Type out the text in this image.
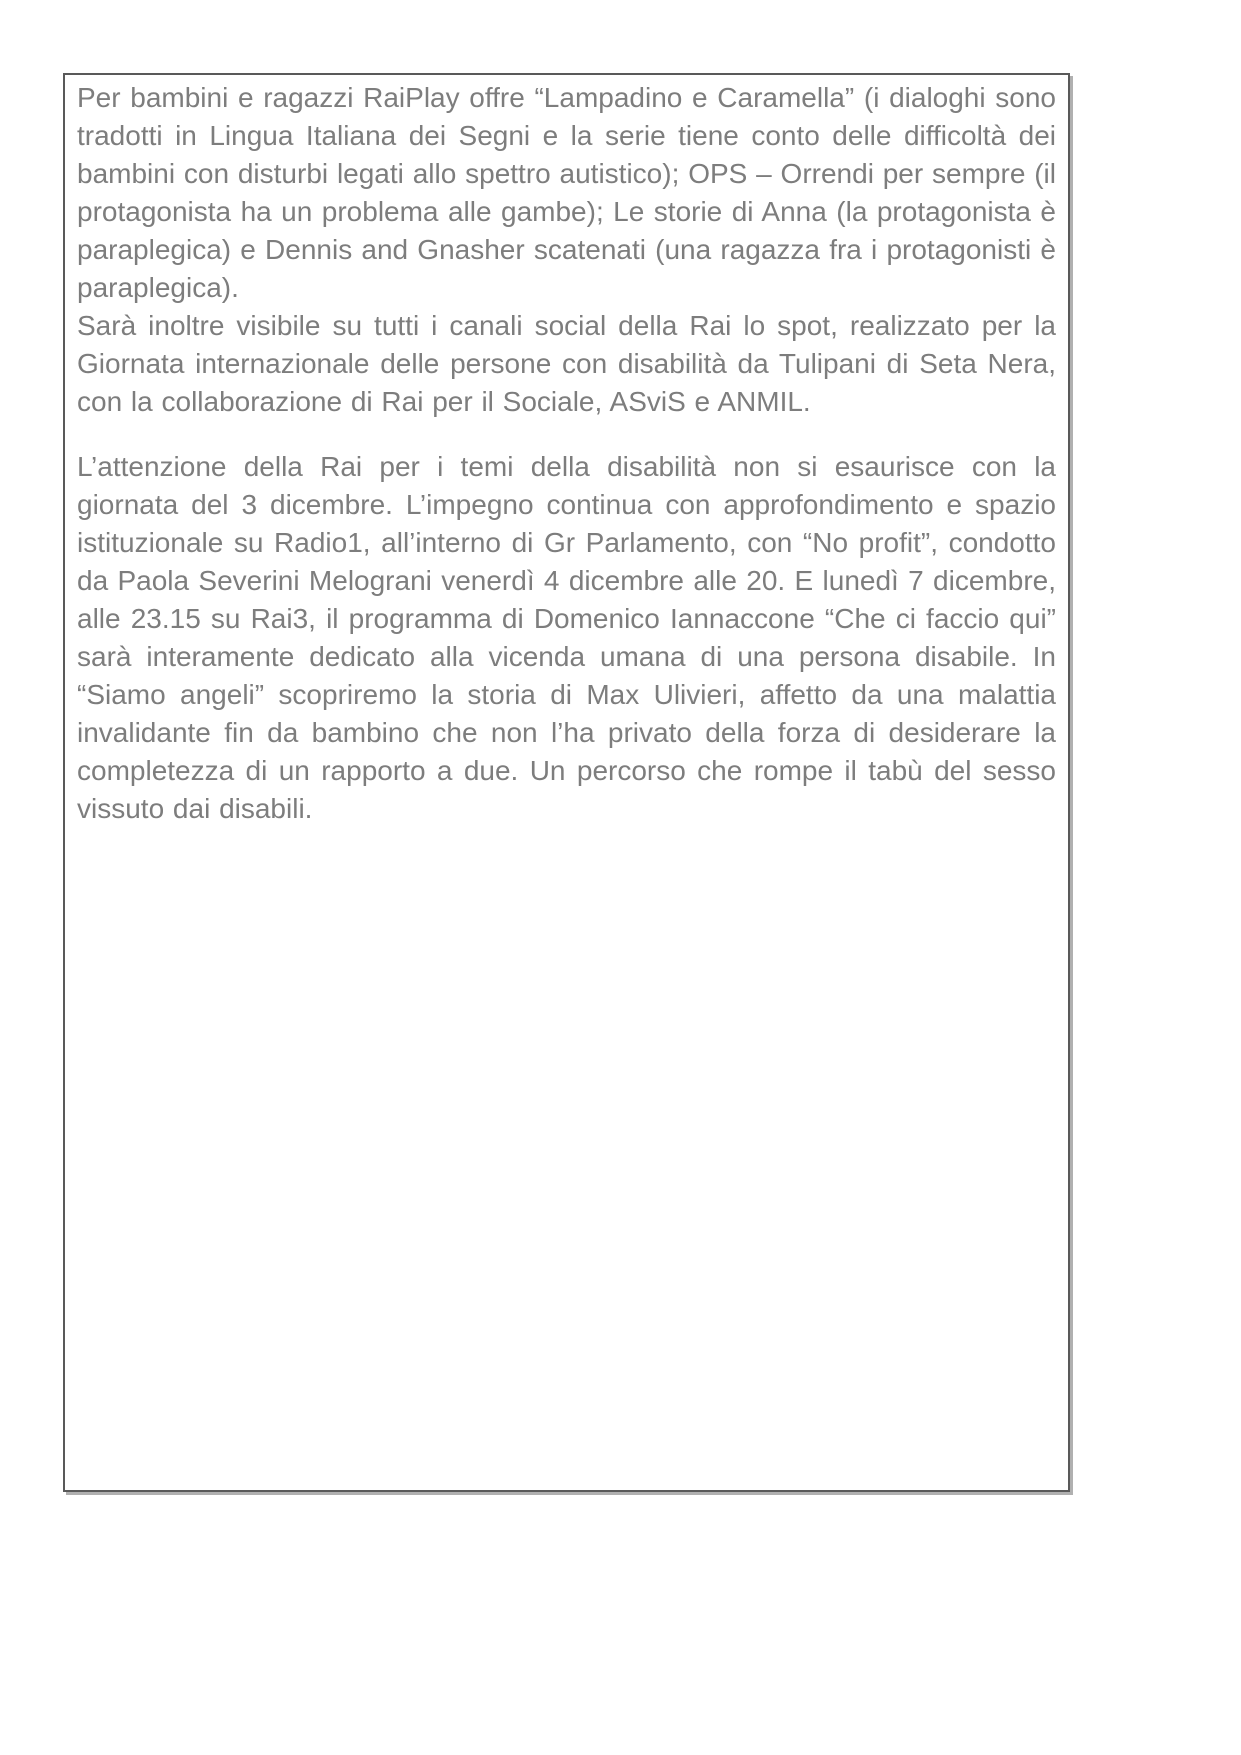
Per bambini e ragazzi RaiPlay offre “Lampadino e Caramella” (i dialoghi sono tradotti in Lingua Italiana dei Segni e la serie tiene conto delle difficoltà dei bambini con disturbi legati allo spettro autistico); OPS – Orrendi per sempre (il protagonista ha un problema alle gambe); Le storie di Anna (la protagonista è paraplegica) e Dennis and Gnasher scatenati (una ragazza fra i protagonisti è paraplegica).

Sarà inoltre visibile su tutti i canali social della Rai lo spot, realizzato per la Giornata internazionale delle persone con disabilità da Tulipani di Seta Nera, con la collaborazione di Rai per il Sociale, ASviS e ANMIL.

L’attenzione della Rai per i temi della disabilità non si esaurisce con la giornata del 3 dicembre. L’impegno continua con approfondimento e spazio istituzionale su Radio1, all’interno di Gr Parlamento, con “No profit”, condotto da Paola Severini Melograni venerdì 4 dicembre alle 20. E lunedì 7 dicembre, alle 23.15 su Rai3, il programma di Domenico Iannaccone “Che ci faccio qui” sarà interamente dedicato alla vicenda umana di una persona disabile. In “Siamo angeli” scopriremo la storia di Max Ulivieri, affetto da una malattia invalidante fin da bambino che non l’ha privato della forza di desiderare la completezza di un rapporto a due. Un percorso che rompe il tabù del sesso vissuto dai disabili.
